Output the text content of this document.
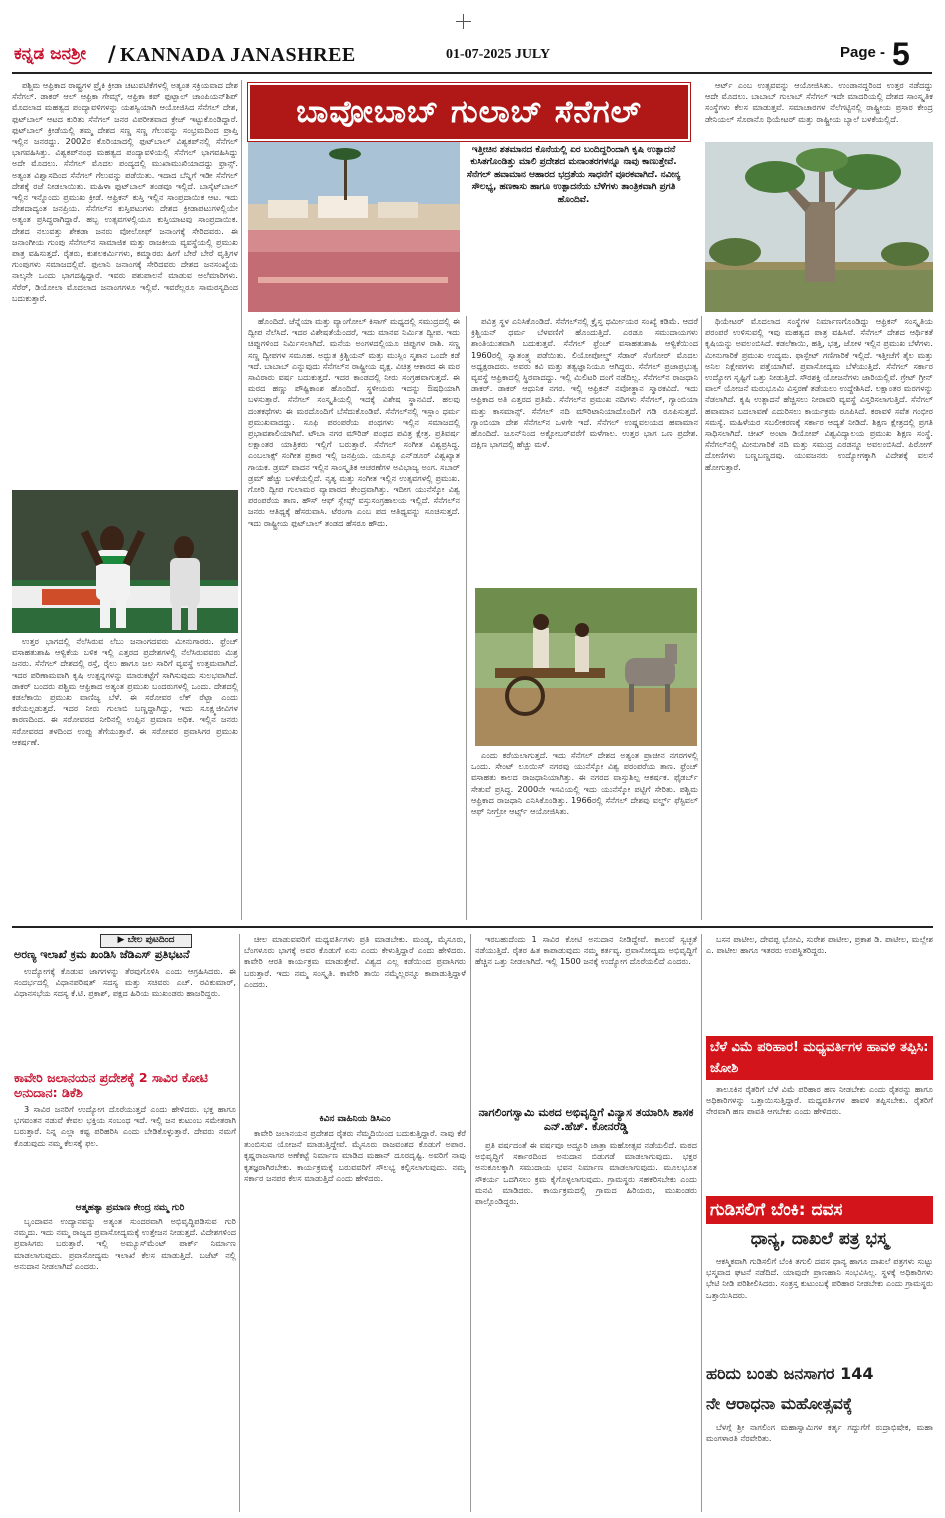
ಕನ್ನಡ ಜನಶ್ರೀ / KANNADA JANASHREE	01-07-2025 JULY	Page - 5

ಪಶ್ಚಿಮ ಆಫ್ರಿಕಾದ ರಾಷ್ಟ್ರಗಳ ಪ್ರೈಕಿ ಕ್ರೀಡಾ ಚಟುವಟಿಕೆಗಳಲ್ಲಿ ಅತ್ಯಂತ ಸಕ್ರಿಯವಾದ ದೇಶ ಸೆನೆಗಲ್. ಡಾಕರ್ ಆಲ್ ಆಫ್ರಿಕಾ ಗೇಮ್ಸ್, ಆಫ್ರಿಕಾ ಕಪ್ ಫುಟ್ಬಾಲ್ ಚಾಂಪಿಯನ್‌ಶಿಪ್ ಮೊದಲಾದ ಮಹತ್ವದ ಪಂದ್ಯಾವಳಿಗಳನ್ನು ಯಶಸ್ವಿಯಾಗಿ ಆಯೋಜಿಸಿದ ಸೆನೆಗಲ್ ದೇಶ, ಫುಟ್‌ಬಾಲ್ ಆಟದ ಕುರಿತು ಸೆನೆಗಲ್ ಜನರ ವಿಪರೀತವಾದ ಕ್ರೇಜ್ ಇಟ್ಟುಕೊಂಡಿದ್ದಾರೆ. ಫುಟ್‌ಬಾಲ್ ಕ್ರೀಡೆಯಲ್ಲಿ ತಮ್ಮ ದೇಶದ ಸಣ್ಣ ಸಣ್ಣ ಗೆಲುವನ್ನು ಸಂಭ್ರಮದಿಂದ ಪ್ರಾಪ್ತಿ ಇಲ್ಲಿನ ಜನರದ್ದು. 2002ರ ಕೊರಿಯಾದಲ್ಲಿ ಫುಟ್‌ಬಾಲ್ ವಿಶ್ವಕಪ್‌ನಲ್ಲಿ ಸೆನೆಗಲ್ ಭಾಗವಹಿಸಿತ್ತು. ವಿಶ್ವಕಪ್‌ನಂಥ ಮಹತ್ವದ ಪಂದ್ಯಾವಳಿಯಲ್ಲಿ ಸೆನೆಗಲ್ ಭಾಗವಹಿಸಿದ್ದು ಅದೇ ಮೊದಲು. ಸೆನೆಗಲ್ ಮೊದಲ ಪಂದ್ಯದಲ್ಲಿ ಮುಖಾಮುಖಿಯಾದದ್ದು ಫ್ರಾನ್ಸ್. ಅತ್ಯಂತ ವಿಶ್ವಾಸದಿಂದ ಸೆನೆಗಲ್ ಗೆಲುವನ್ನು ಪಡೆಯಿತು. ಇದಾದ ಬೆನ್ನಿಗೆ ಇಡೀ ಸೆನೆಗಲ್ ದೇಶಕ್ಕೆ ರಜೆ ನೀಡಲಾಯಿತು. ಮಹಿಳಾ ಫುಟ್‌ಬಾಲ್ ತಂಡವೂ ಇಲ್ಲಿದೆ. ಬಾಸ್ಕೆಟ್‌ಬಾಲ್ ಇಲ್ಲಿನ ಇನ್ನೊಂದು ಪ್ರಮುಖ ಕ್ರೀಡೆ. ಆಫ್ರಿಕನ್ ಕುಸ್ತಿ ಇಲ್ಲಿನ ಸಾಂಪ್ರದಾಯಿಕ ಆಟ. ಇದು ದೇಶದಾದ್ಯಂತ ಜನಪ್ರಿಯ. ಸೆನೆಗಲ್‌ನ ಕುಸ್ತಿಪಟುಗಳು ದೇಶದ ಕ್ರೀಡಾಪಟುಗಳಲ್ಲಿಯೇ ಅತ್ಯಂತ ಪ್ರಸಿದ್ಧರಾಗಿದ್ದಾರೆ. ಹಬ್ಬ ಉತ್ಸವಗಳಲ್ಲಿಯೂ ಕುಸ್ತಿಯಾಟವು ಸಾಂಪ್ರದಾಯಿಕ. ದೇಶದ ನಲುವತ್ತು ಶೇಕಡಾ ಜನರು ವೋಲೋಫ್ ಜನಾಂಗಕ್ಕೆ ಸೇರಿದವರು. ಈ ಜನಾಂಗೀಯ ಗುಂಪು ಸೆನೆಗಲ್‌ನ ಸಾಮಾಜಿಕ ಮತ್ತು ರಾಜಕೀಯ ವ್ಯವಸ್ಥೆಯಲ್ಲಿ ಪ್ರಮುಖ ಪಾತ್ರ ವಹಿಸುತ್ತದೆ. ರೈತರು, ಕುಶಲಕರ್ಮಿಗಳು, ಕಮ್ಮಾರರು ಹೀಗೆ ಬೇರೆ ಬೇರೆ ವೃತ್ತಿಗಳ ಗುಂಪುಗಳು ಸಮಾಜದಲ್ಲಿವೆ. ಫುಲಾನಿ ಜನಾಂಗಕ್ಕೆ ಸೇರಿದವರು ದೇಶದ ಜನಸಂಖ್ಯೆಯ ನಾಲ್ಕನೇ ಒಂದು ಭಾಗದಷ್ಟಿದ್ದಾರೆ. ಇವರು ಪಶುಪಾಲನೆ ಮಾಡುವ ಅಲೆಮಾರಿಗಳು. ಸೆರೆರ್, ಡಿಯೋಲಾ ಮೊದಲಾದ ಜನಾಂಗಗಳೂ ಇಲ್ಲಿವೆ. ಇವರೆಲ್ಲರೂ ಸಾಮರಸ್ಯದಿಂದ ಬದುಕುತ್ತಾರೆ.

ಉತ್ತರ ಭಾಗದಲ್ಲಿ ನೆಲೆಸಿರುವ ಲೆಬು ಜನಾಂಗದವರು ಮೀನುಗಾರರು. ಫ್ರೆಂಚ್ ವಸಾಹತುಶಾಹಿ ಆಳ್ವಿಕೆಯ ಬಳಿಕ ಇಲ್ಲಿ ಎತ್ತರದ ಪ್ರದೇಶಗಳಲ್ಲಿ ನೆಲೆಸಿರುವವರು ಮಿಶ್ರ ಜನರು. ಸೆನೆಗಲ್ ದೇಶದಲ್ಲಿ ರಸ್ತೆ, ರೈಲು ಹಾಗೂ ಜಲ ಸಾರಿಗೆ ವ್ಯವಸ್ಥೆ ಉತ್ತಮವಾಗಿದೆ. ಇದರ ಪರಿಣಾಮವಾಗಿ ಕೃಷಿ ಉತ್ಪನ್ನಗಳನ್ನು ಮಾರುಕಟ್ಟೆಗೆ ಸಾಗಿಸುವುದು ಸುಲಭವಾಗಿದೆ. ಡಾಕರ್ ಬಂದರು ಪಶ್ಚಿಮ ಆಫ್ರಿಕಾದ ಅತ್ಯಂತ ಪ್ರಮುಖ ಬಂದರುಗಳಲ್ಲಿ ಒಂದು. ದೇಶದಲ್ಲಿ ಕಡಲೆಕಾಯಿ ಪ್ರಮುಖ ವಾಣಿಜ್ಯ ಬೆಳೆ. ಈ ಸರೋವರ ಲೆಕ್ ರೆಟ್ಬಾ ಎಂದು ಕರೆಯಲ್ಪಡುತ್ತದೆ. ಇದರ ನೀರು ಗುಲಾಬಿ ಬಣ್ಣದ್ದಾಗಿದ್ದು, ಇದು ಸೂಕ್ಷ್ಮಜೀವಿಗಳ ಕಾರಣದಿಂದ. ಈ ಸರೋವರದ ನೀರಿನಲ್ಲಿ ಉಪ್ಪಿನ ಪ್ರಮಾಣ ಅಧಿಕ. ಇಲ್ಲಿನ ಜನರು ಸರೋವರದ ತಳದಿಂದ ಉಪ್ಪು ತೆಗೆಯುತ್ತಾರೆ. ಈ ಸರೋವರ ಪ್ರವಾಸಿಗರ ಪ್ರಮುಖ ಆಕರ್ಷಣೆ.

ಬಾವೋಬಾಬ್ ಗುಲಾಬ್ ಸೆನೆಗಲ್
ಇತ್ತೀಚಿನ ಶತಮಾನದ ಕೊನೆಯಲ್ಲಿ ಏರ ಬಂದಿದ್ದರಿಂದಾಗಿ ಕೃಷಿ ಉತ್ಪಾದನೆ ಕುಸಿತಗೊಂಡಿತ್ತು ಮಾಲಿ ಪ್ರದೇಶದ ಮನಾಂತರಗಳನ್ನೂ ನಾವು ಕಾಣುತ್ತೇವೆ. ಸೆನೆಗಲ್ ಹವಾಮಾನ ಆಹಾರದ ಭದ್ರತೆಯ ಸಾಧನೆಗೆ ವೂರಕವಾಗಿದೆ. ನವೀನ್ಯ ಸೌಲಭ್ಯ, ಹಣಕಾಸು ಹಾಗೂ ಉತ್ಪಾದನೆಯ ಬೆಳೆಗಳು ತಾಂತ್ರಿಕವಾಗಿ ಪ್ರಗತಿ ಹೊಂದಿವೆ.

ಹೊಂದಿದೆ. ಜೆನ್ನೆಯಾ ಮತ್ತು ವ್ಯಾಂಗೋಲ್ ಕಿಸಾಗ್ ಮಧ್ಯದಲ್ಲಿ ಸಮುದ್ರದಲ್ಲಿ ಈ ದ್ವೀಪ ನೆಲೆಸಿದೆ. ಇದರ ವಿಶೇಷತೆಯೆಂದರೆ, ಇದು ಮಾನವ ನಿರ್ಮಿತ ದ್ವೀಪ. ಇದು ಚಿಪ್ಪುಗಳಿಂದ ನಿರ್ಮಿಸಲಾಗಿದೆ. ಮನೆಯ ಅಂಗಳದಲ್ಲಿಯೂ ಚಿಪ್ಪುಗಳ ರಾಶಿ. ಸಣ್ಣ ಸಣ್ಣ ದ್ವೀಪಗಳ ಸಮೂಹ. ಅದ್ಭುತ ಕ್ರಿಶ್ಚಿಯನ್ ಮತ್ತು ಮುಸ್ಲಿಂ ಸ್ಮಶಾನ ಒಂದೇ ಕಡೆ ಇದೆ. ಬಾಬಾಬ್ ಎನ್ನುವುದು ಸೆನೆಗಲ್‌ನ ರಾಷ್ಟ್ರೀಯ ವೃಕ್ಷ. ವಿಚಿತ್ರ ಆಕಾರದ ಈ ಮರ ಸಾವಿರಾರು ವರ್ಷ ಬದುಕುತ್ತದೆ. ಇದರ ಕಾಂಡದಲ್ಲಿ ನೀರು ಸಂಗ್ರಹವಾಗುತ್ತದೆ. ಈ ಮರದ ಹಣ್ಣು ಪೌಷ್ಟಿಕಾಂಶ ಹೊಂದಿದೆ. ಸ್ಥಳೀಯರು ಇದನ್ನು ಔಷಧಿಯಾಗಿ ಬಳಸುತ್ತಾರೆ. ಸೆನೆಗಲ್ ಸಂಸ್ಕೃತಿಯಲ್ಲಿ ಇದಕ್ಕೆ ವಿಶೇಷ ಸ್ಥಾನವಿದೆ. ಹಲವು ದಂತಕಥೆಗಳು ಈ ಮರದೊಂದಿಗೆ ಬೆಸೆದುಕೊಂಡಿವೆ. ಸೆನೆಗಲ್‌ನಲ್ಲಿ ಇಸ್ಲಾಂ ಧರ್ಮ ಪ್ರಮುಖವಾದದ್ದು. ಸೂಫಿ ಪರಂಪರೆಯ ಪಂಥಗಳು ಇಲ್ಲಿನ ಸಮಾಜದಲ್ಲಿ ಪ್ರಭಾವಶಾಲಿಯಾಗಿವೆ. ಟೌಬಾ ನಗರ ಮೌರಿಡ್ ಪಂಥದ ಪವಿತ್ರ ಕ್ಷೇತ್ರ. ಪ್ರತಿವರ್ಷ ಲಕ್ಷಾಂತರ ಯಾತ್ರಿಕರು ಇಲ್ಲಿಗೆ ಬರುತ್ತಾರೆ. ಸೆನೆಗಲ್ ಸಂಗೀತ ವಿಶ್ವಪ್ರಸಿದ್ಧ. ಎಂಬಲಾಕ್ಸ್ ಸಂಗೀತ ಪ್ರಕಾರ ಇಲ್ಲಿ ಜನಪ್ರಿಯ. ಯೂಸ್ಸೂ ಎನ್‌ಡೂರ್ ವಿಶ್ವಖ್ಯಾತ ಗಾಯಕ. ಡ್ರಮ್ ವಾದನ ಇಲ್ಲಿನ ಸಾಂಸ್ಕೃತಿಕ ಆಚರಣೆಗಳ ಅವಿಭಾಜ್ಯ ಅಂಗ. ಸಬಾರ್ ಡ್ರಮ್ ಹೆಚ್ಚು ಬಳಕೆಯಲ್ಲಿದೆ. ನೃತ್ಯ ಮತ್ತು ಸಂಗೀತ ಇಲ್ಲಿನ ಉತ್ಸವಗಳಲ್ಲಿ ಪ್ರಮುಖ. ಗೋರಿ ದ್ವೀಪ ಗುಲಾಮರ ವ್ಯಾಪಾರದ ಕೇಂದ್ರವಾಗಿತ್ತು. ಇದೀಗ ಯುನೆಸ್ಕೋ ವಿಶ್ವ ಪರಂಪರೆಯ ತಾಣ. ಹೌಸ್ ಆಫ್ ಸ್ಲೇವ್ಸ್ ವಸ್ತುಸಂಗ್ರಹಾಲಯ ಇಲ್ಲಿದೆ. ಸೆನೆಗಲ್‌ನ ಜನರು ಆತಿಥ್ಯಕ್ಕೆ ಹೆಸರುವಾಸಿ. ಟೆರಂಗಾ ಎಂಬ ಪದ ಆತಿಥ್ಯವನ್ನು ಸೂಚಿಸುತ್ತದೆ. ಇದು ರಾಷ್ಟ್ರೀಯ ಫುಟ್‌ಬಾಲ್ ತಂಡದ ಹೆಸರೂ ಹೌದು.

ಪವಿತ್ರ ಸ್ಥಳ ಎನಿಸಿಕೊಂಡಿದೆ. ಸೆನೆಗಲ್‌ನಲ್ಲಿ ಕ್ರೈಸ್ತ ಧರ್ಮೀಯರ ಸಂಖ್ಯೆ ಕಡಿಮೆ. ಆದರೆ ಕ್ರಿಶ್ಚಿಯನ್ ಧರ್ಮ ಬೆಳವಣಿಗೆ ಹೊಂದುತ್ತಿದೆ. ಎರಡೂ ಸಮುದಾಯಗಳು ಶಾಂತಿಯುತವಾಗಿ ಬದುಕುತ್ತವೆ. ಸೆನೆಗಲ್ ಫ್ರೆಂಚ್ ವಸಾಹತುಶಾಹಿ ಆಳ್ವಿಕೆಯಿಂದ 1960ರಲ್ಲಿ ಸ್ವಾತಂತ್ರ್ಯ ಪಡೆಯಿತು. ಲಿಯೋಪೋಲ್ಡ್ ಸೆಡಾರ್ ಸೆಂಗೋರ್ ಮೊದಲ ಅಧ್ಯಕ್ಷರಾದರು. ಅವರು ಕವಿ ಮತ್ತು ತತ್ವಜ್ಞಾನಿಯೂ ಆಗಿದ್ದರು. ಸೆನೆಗಲ್ ಪ್ರಜಾಪ್ರಭುತ್ವ ವ್ಯವಸ್ಥೆ ಆಫ್ರಿಕಾದಲ್ಲಿ ಸ್ಥಿರವಾದದ್ದು. ಇಲ್ಲಿ ಮಿಲಿಟರಿ ದಂಗೆ ನಡೆದಿಲ್ಲ. ಸೆನೆಗಲ್‌ನ ರಾಜಧಾನಿ ಡಾಕರ್. ಡಾಕರ್ ಆಧುನಿಕ ನಗರ. ಇಲ್ಲಿ ಆಫ್ರಿಕನ್ ನವೋತ್ಥಾನ ಸ್ಮಾರಕವಿದೆ. ಇದು ಆಫ್ರಿಕಾದ ಅತಿ ಎತ್ತರದ ಪ್ರತಿಮೆ. ಸೆನೆಗಲ್‌ನ ಪ್ರಮುಖ ನದಿಗಳು ಸೆನೆಗಲ್, ಗ್ಯಾಂಬಿಯಾ ಮತ್ತು ಕಾಸಮಾನ್ಸ್. ಸೆನೆಗಲ್ ನದಿ ಮೌರಿಟಾನಿಯಾದೊಂದಿಗೆ ಗಡಿ ರೂಪಿಸುತ್ತದೆ. ಗ್ಯಾಂಬಿಯಾ ದೇಶ ಸೆನೆಗಲ್‌ನ ಒಳಗೇ ಇದೆ. ಸೆನೆಗಲ್ ಉಷ್ಣವಲಯದ ಹವಾಮಾನ ಹೊಂದಿದೆ. ಜೂನ್‌ನಿಂದ ಅಕ್ಟೋಬರ್‌ವರೆಗೆ ಮಳೆಗಾಲ. ಉತ್ತರ ಭಾಗ ಒಣ ಪ್ರದೇಶ. ದಕ್ಷಿಣ ಭಾಗದಲ್ಲಿ ಹೆಚ್ಚು ಮಳೆ.

ಎಂದು ಕರೆಯಲಾಗುತ್ತದೆ. ಇದು ಸೆನೆಗಲ್ ದೇಶದ ಅತ್ಯಂತ ಪ್ರಾಚೀನ ನಗರಗಳಲ್ಲಿ ಒಂದು. ಸೇಂಟ್ ಲೂಯಿಸ್ ನಗರವು ಯುನೆಸ್ಕೋ ವಿಶ್ವ ಪರಂಪರೆಯ ತಾಣ. ಫ್ರೆಂಚ್ ವಸಾಹತು ಕಾಲದ ರಾಜಧಾನಿಯಾಗಿತ್ತು. ಈ ನಗರದ ವಾಸ್ತುಶಿಲ್ಪ ಆಕರ್ಷಕ. ಫೈಡರ್ಬ್ ಸೇತುವೆ ಪ್ರಸಿದ್ಧ. 2000ನೇ ಇಸವಿಯಲ್ಲಿ ಇದು ಯುನೆಸ್ಕೋ ಪಟ್ಟಿಗೆ ಸೇರಿತು. ಪಶ್ಚಿಮ ಆಫ್ರಿಕಾದ ರಾಜಧಾನಿ ಎನಿಸಿಕೊಂಡಿತ್ತು. 1966ರಲ್ಲಿ ಸೆನೆಗಲ್ ದೇಶವು ವರ್ಲ್ಡ್ ಫೆಸ್ಟಿವಲ್ ಆಫ್ ನೀಗ್ರೋ ಆರ್ಟ್ಸ್ ಆಯೋಜಿಸಿತು.

ಆರ್ಟ್ ಎಂಬ ಉತ್ಸವವನ್ನು ಆಯೋಜಿಸಿತು. ಉಂಡಾನದ್ದರಿಂದ ಉತ್ತರ ನಡೆದದ್ದು ಆದೇ ಮೊದಲು. ಬಾಬಾಬ್ ಗುಲಾಬ್ ಸೆನೆಗಲ್ ಇದೇ ಮಾದರಿಯಲ್ಲಿ ದೇಶದ ಸಾಂಸ್ಕೃತಿಕ ಸಂಸ್ಥೆಗಳು ಕೆಲಸ ಮಾಡುತ್ತವೆ. ಸಮಾಚಾರಗಳ ನೆಲೆಗಟ್ಟಿನಲ್ಲಿ ರಾಷ್ಟ್ರೀಯ ಪ್ರಸಾರ ಕೇಂದ್ರ ಡೇನಿಯಲ್ ಸೊರಾನೊ ಥಿಯೇಟರ್ ಮತ್ತು ರಾಷ್ಟ್ರೀಯ ಬ್ಯಾಲೆ ಬಳಕೆಯಲ್ಲಿದೆ.

ಥಿಯೇಟರ್ ಮೊದಲಾದ ಸಂಸ್ಥೆಗಳ ನಿರ್ಮಾಣಗೊಂಡಿದ್ದು ಆಫ್ರಿಕನ್ ಸಂಸ್ಕೃತಿಯ ಪರಂಪರೆ ಉಳಿಸುವಲ್ಲಿ ಇವು ಮಹತ್ವದ ಪಾತ್ರ ವಹಿಸಿವೆ. ಸೆನೆಗಲ್ ದೇಶದ ಆರ್ಥಿಕತೆ ಕೃಷಿಯನ್ನು ಅವಲಂಬಿಸಿದೆ. ಕಡಲೆಕಾಯಿ, ಹತ್ತಿ, ಭತ್ತ, ಜೋಳ ಇಲ್ಲಿನ ಪ್ರಮುಖ ಬೆಳೆಗಳು. ಮೀನುಗಾರಿಕೆ ಪ್ರಮುಖ ಉದ್ಯಮ. ಫಾಸ್ಫೇಟ್ ಗಣಿಗಾರಿಕೆ ಇಲ್ಲಿದೆ. ಇತ್ತೀಚೆಗೆ ತೈಲ ಮತ್ತು ಅನಿಲ ನಿಕ್ಷೇಪಗಳು ಪತ್ತೆಯಾಗಿವೆ. ಪ್ರವಾಸೋದ್ಯಮ ಬೆಳೆಯುತ್ತಿದೆ. ಸೆನೆಗಲ್ ಸರ್ಕಾರ ಉದ್ಯೋಗ ಸೃಷ್ಟಿಗೆ ಒತ್ತು ನೀಡುತ್ತಿದೆ. ಸೌರಶಕ್ತಿ ಯೋಜನೆಗಳು ಜಾರಿಯಲ್ಲಿವೆ. ಗ್ರೇಟ್ ಗ್ರೀನ್ ವಾಲ್ ಯೋಜನೆ ಮರುಭೂಮಿ ವಿಸ್ತರಣೆ ತಡೆಯಲು ಉದ್ದೇಶಿಸಿದೆ. ಲಕ್ಷಾಂತರ ಮರಗಳನ್ನು ನೆಡಲಾಗಿದೆ. ಕೃಷಿ ಉತ್ಪಾದನೆ ಹೆಚ್ಚಿಸಲು ನೀರಾವರಿ ವ್ಯವಸ್ಥೆ ವಿಸ್ತರಿಸಲಾಗುತ್ತಿದೆ. ಸೆನೆಗಲ್ ಹವಾಮಾನ ಬದಲಾವಣೆ ಎದುರಿಸಲು ಕಾರ್ಯಕ್ರಮ ರೂಪಿಸಿದೆ. ಕರಾವಳಿ ಸವೆತ ಗಂಭೀರ ಸಮಸ್ಯೆ. ಮಹಿಳೆಯರ ಸಬಲೀಕರಣಕ್ಕೆ ಸರ್ಕಾರ ಆದ್ಯತೆ ನೀಡಿದೆ. ಶಿಕ್ಷಣ ಕ್ಷೇತ್ರದಲ್ಲಿ ಪ್ರಗತಿ ಸಾಧಿಸಲಾಗಿದೆ. ಚೀಖ್ ಅಂಟಾ ಡಿಯೋಪ್ ವಿಶ್ವವಿದ್ಯಾಲಯ ಪ್ರಮುಖ ಶಿಕ್ಷಣ ಸಂಸ್ಥೆ. ಸೆನೆಗಲ್‌ನಲ್ಲಿ ಮೀನುಗಾರಿಕೆ ನದಿ ಮತ್ತು ಸಮುದ್ರ ಎರಡನ್ನೂ ಅವಲಂಬಿಸಿದೆ. ಪಿರೋಗ್ ದೋಣಿಗಳು ಬಣ್ಣಬಣ್ಣದವು. ಯುವಜನರು ಉದ್ಯೋಗಕ್ಕಾಗಿ ವಿದೇಶಕ್ಕೆ ವಲಸೆ ಹೋಗುತ್ತಾರೆ.

▶ ಬೇಲ ಪುಟದಿಂದ
ಅರಣ್ಯ ಇಲಾಖೆ ಕ್ರಮ ಖಂಡಿಸಿ ಜೆಡಿಎಸ್ ಪ್ರತಿಭಟನೆ

ಉದ್ಯೋಗಕ್ಕೆ ಕೊಡುವ ಜಾಗಗಳನ್ನು ತೆರವುಗೊಳಿಸಿ ಎಂದು ಆಗ್ರಹಿಸಿದರು. ಈ ಸಂದರ್ಭದಲ್ಲಿ ವಿಧಾನಪರಿಷತ್ ಸದಸ್ಯ ಮತ್ತು ಸಚಿವರು ಎಚ್. ರವಿಕುಮಾರ್, ವಿಧಾನಸಭೆಯ ಸದಸ್ಯ ಕೆ.ಟಿ. ಪ್ರಕಾಶ್, ಪಕ್ಷದ ಹಿರಿಯ ಮುಖಂಡರು ಹಾಜರಿದ್ದರು.

ಕಾವೇರಿ ಜಲಾನಯನ ಪ್ರದೇಶಕ್ಕೆ 2 ಸಾವಿರ ಕೋಟಿ ಅನುದಾನ: ಡಿಕೆಶಿ

3 ಸಾವಿರ ಜನರಿಗೆ ಉದ್ಯೋಗ ದೊರೆಯುತ್ತದೆ ಎಂದು ಹೇಳಿದರು. ಭಕ್ತ ಹಾಗೂ ಭಗವಂತನ ನಡುವೆ ಕೇವಲ ಭಕ್ತಿಯ ಸಂಬಂಧ ಇದೆ. ಇಲ್ಲಿ ಜನ ಕುಟುಂಬ ಸಮೇತರಾಗಿ ಬರುತ್ತಾರೆ. ನಿನ್ನ ಎಲ್ಲಾ ಕಷ್ಟ ಪರಿಹರಿಸಿ ಎಂದು ಬೇಡಿಕೊಳ್ಳುತ್ತಾರೆ. ದೇವರು ನಮಗೆ ಕೊಡುವುದು ನಮ್ಮ ಕೆಲಸಕ್ಕೆ ಫಲ.

ಆತ್ಮಹತ್ಯಾ ಪ್ರಮಾಣ ಕೇಂದ್ರ ನಮ್ಮ ಗುರಿ

ಬೃಂದಾವನ ಉದ್ಯಾನವನ್ನು ಅತ್ಯಂತ ಸುಂದರವಾಗಿ ಅಭಿವೃದ್ಧಿಪಡಿಸುವ ಗುರಿ ನಮ್ಮದು. ಇದು ನಮ್ಮ ರಾಜ್ಯದ ಪ್ರವಾಸೋದ್ಯಮಕ್ಕೆ ಉತ್ತೇಜನ ನೀಡುತ್ತದೆ. ವಿದೇಶಗಳಿಂದ ಪ್ರವಾಸಿಗರು ಬರುತ್ತಾರೆ. ಇಲ್ಲಿ ಅಮ್ಯೂಸ್‌ಮೆಂಟ್ ಪಾರ್ಕ್ ನಿರ್ಮಾಣ ಮಾಡಲಾಗುವುದು. ಪ್ರವಾಸೋದ್ಯಮ ಇಲಾಖೆ ಕೆಲಸ ಮಾಡುತ್ತಿದೆ. ಬಜೆಟ್ ನಲ್ಲಿ ಅನುದಾನ ನೀಡಲಾಗಿದೆ ಎಂದರು.

ಚೀಲ ಮಾಡುವವರಿಗೆ ಮಧ್ಯವರ್ತಿಗಳು ಪ್ರತಿ ಮಾಡಬೇಕು. ಮಂಡ್ಯ, ಮೈಸೂರು, ಬೆಂಗಳೂರು ಭಾಗಕ್ಕೆ ಅವರ ಕೊಡುಗೆ ಏನು ಎಂದು ಕೇಳುತ್ತಿದ್ದಾರೆ ಎಂದು ಹೇಳಿದರು. ಕಾವೇರಿ ಆರತಿ ಕಾರ್ಯಕ್ರಮ ಮಾಡುತ್ತೇವೆ. ವಿಶ್ವದ ಎಲ್ಲ ಕಡೆಯಿಂದ ಪ್ರವಾಸಿಗರು ಬರುತ್ತಾರೆ. ಇದು ನಮ್ಮ ಸಂಸ್ಕೃತಿ. ಕಾವೇರಿ ತಾಯಿ ನಮ್ಮೆಲ್ಲರನ್ನೂ ಕಾಪಾಡುತ್ತಿದ್ದಾಳೆ ಎಂದರು.

ಕಿವಿನ ವಾಹಿನಿಯ ಡಿಸಿಎಂ

ಕಾವೇರಿ ಜಲಾನಯನ ಪ್ರದೇಶದ ರೈತರು ನೆಮ್ಮದಿಯಿಂದ ಬದುಕುತ್ತಿದ್ದಾರೆ. ನಾವು ಕೆರೆ ತುಂಬಿಸುವ ಯೋಜನೆ ಮಾಡುತ್ತಿದ್ದೇವೆ. ಮೈಸೂರು ರಾಜವಂಶದ ಕೊಡುಗೆ ಅಪಾರ. ಕೃಷ್ಣರಾಜಸಾಗರ ಅಣೆಕಟ್ಟೆ ನಿರ್ಮಾಣ ಮಾಡಿದ ಮಹಾನ್ ದೂರದೃಷ್ಟಿ. ಅವರಿಗೆ ನಾವು ಕೃತಜ್ಞರಾಗಿರಬೇಕು. ಕಾರ್ಯಕ್ರಮಕ್ಕೆ ಬರುವವರಿಗೆ ಸೌಲಭ್ಯ ಕಲ್ಪಿಸಲಾಗುವುದು. ನಮ್ಮ ಸರ್ಕಾರ ಜನಪರ ಕೆಲಸ ಮಾಡುತ್ತಿದೆ ಎಂದು ಹೇಳಿದರು.

ಇರಬಹುದೆಂದು 1 ಸಾವಿರ ಕೋಟಿ ಅನುದಾನ ನೀಡಿದ್ದೇವೆ. ಕಾಲುವೆ ಸ್ವಚ್ಛತೆ ನಡೆಯುತ್ತಿದೆ. ರೈತರ ಹಿತ ಕಾಪಾಡುವುದು ನಮ್ಮ ಕರ್ತವ್ಯ. ಪ್ರವಾಸೋದ್ಯಮ ಅಭಿವೃದ್ಧಿಗೆ ಹೆಚ್ಚಿನ ಒತ್ತು ನೀಡಲಾಗಿದೆ. ಇಲ್ಲಿ 1500 ಜನಕ್ಕೆ ಉದ್ಯೋಗ ದೊರೆಯಲಿದೆ ಎಂದರು.

ನಾಗಲಿಂಗಸ್ವಾಮಿ ಮಠದ ಅಭಿವೃದ್ಧಿಗೆ ವಿನ್ಯಾಸ ತಯಾರಿಸಿ ಶಾಸಕ ಎನ್.ಹೆಚ್. ಕೋನರೆಡ್ಡಿ

ಪ್ರತಿ ವರ್ಷದಂತೆ ಈ ವರ್ಷವೂ ಅದ್ದೂರಿ ಜಾತ್ರಾ ಮಹೋತ್ಸವ ನಡೆಯಲಿದೆ. ಮಠದ ಅಭಿವೃದ್ಧಿಗೆ ಸರ್ಕಾರದಿಂದ ಅನುದಾನ ಬಿಡುಗಡೆ ಮಾಡಲಾಗುವುದು. ಭಕ್ತರ ಅನುಕೂಲಕ್ಕಾಗಿ ಸಮುದಾಯ ಭವನ ನಿರ್ಮಾಣ ಮಾಡಲಾಗುವುದು. ಮೂಲಭೂತ ಸೌಕರ್ಯ ಒದಗಿಸಲು ಕ್ರಮ ಕೈಗೊಳ್ಳಲಾಗುವುದು. ಗ್ರಾಮಸ್ಥರು ಸಹಕರಿಸಬೇಕು ಎಂದು ಮನವಿ ಮಾಡಿದರು. ಕಾರ್ಯಕ್ರಮದಲ್ಲಿ ಗ್ರಾಮದ ಹಿರಿಯರು, ಮುಖಂಡರು ಪಾಲ್ಗೊಂಡಿದ್ದರು.

ಬಸನ ಪಾಟೀಲ, ದೇವಪ್ಪ ಭೋವಿ, ಸುರೇಶ ಪಾಟೀಲ, ಪ್ರಕಾಶ ಡಿ. ಪಾಟೀಲ, ಮಲ್ಲೇಶ ಎ. ಪಾಟೀಲ ಹಾಗೂ ಇತರರು ಉಪಸ್ಥಿತರಿದ್ದರು.

ಬೆಳೆ ವಿಮೆ ಪರಿಹಾರ! ಮಧ್ಯವರ್ತಿಗಳ ಹಾವಳಿ ತಪ್ಪಿಸಿ: ಜೋಶಿ

ತಾಲೂಕಿನ ರೈತರಿಗೆ ಬೆಳೆ ವಿಮೆ ಪರಿಹಾರ ಹಣ ನೀಡಬೇಕು ಎಂದು ರೈತರನ್ನು ಹಾಗೂ ಅಧಿಕಾರಿಗಳನ್ನು ಒತ್ತಾಯಿಸುತ್ತಿದ್ದಾರೆ. ಮಧ್ಯವರ್ತಿಗಳ ಹಾವಳಿ ತಪ್ಪಿಸಬೇಕು. ರೈತರಿಗೆ ನೇರವಾಗಿ ಹಣ ಪಾವತಿ ಆಗಬೇಕು ಎಂದು ಹೇಳಿದರು.

ಗುಡಿಸಲಿಗೆ ಬೆಂಕಿ: ದವಸ
ಧಾನ್ಯ, ದಾಖಲೆ ಪತ್ರ ಭಸ್ಮ

ಆಕಸ್ಮಿಕವಾಗಿ ಗುಡಿಸಲಿಗೆ ಬೆಂಕಿ ತಗುಲಿ ದವಸ ಧಾನ್ಯ ಹಾಗೂ ದಾಖಲೆ ಪತ್ರಗಳು ಸುಟ್ಟು ಭಸ್ಮವಾದ ಘಟನೆ ನಡೆದಿದೆ. ಯಾವುದೇ ಪ್ರಾಣಹಾನಿ ಸಂಭವಿಸಿಲ್ಲ. ಸ್ಥಳಕ್ಕೆ ಅಧಿಕಾರಿಗಳು ಭೇಟಿ ನೀಡಿ ಪರಿಶೀಲಿಸಿದರು. ಸಂತ್ರಸ್ತ ಕುಟುಂಬಕ್ಕೆ ಪರಿಹಾರ ನೀಡಬೇಕು ಎಂದು ಗ್ರಾಮಸ್ಥರು ಒತ್ತಾಯಿಸಿದರು.

ಹರಿದು ಬಂತು ಜನಸಾಗರ 144
ನೇ ಆರಾಧನಾ ಮಹೋತ್ಸವಕ್ಕೆ

ಬೆಳಗ್ಗೆ ಶ್ರೀ ನಾಗಲಿಂಗ ಮಹಾಸ್ವಾಮಿಗಳ ಕರ್ತೃ ಗದ್ದುಗೆಗೆ ರುದ್ರಾಭಿಷೇಕ, ಮಹಾ ಮಂಗಳಾರತಿ ನೆರವೇರಿತು.
